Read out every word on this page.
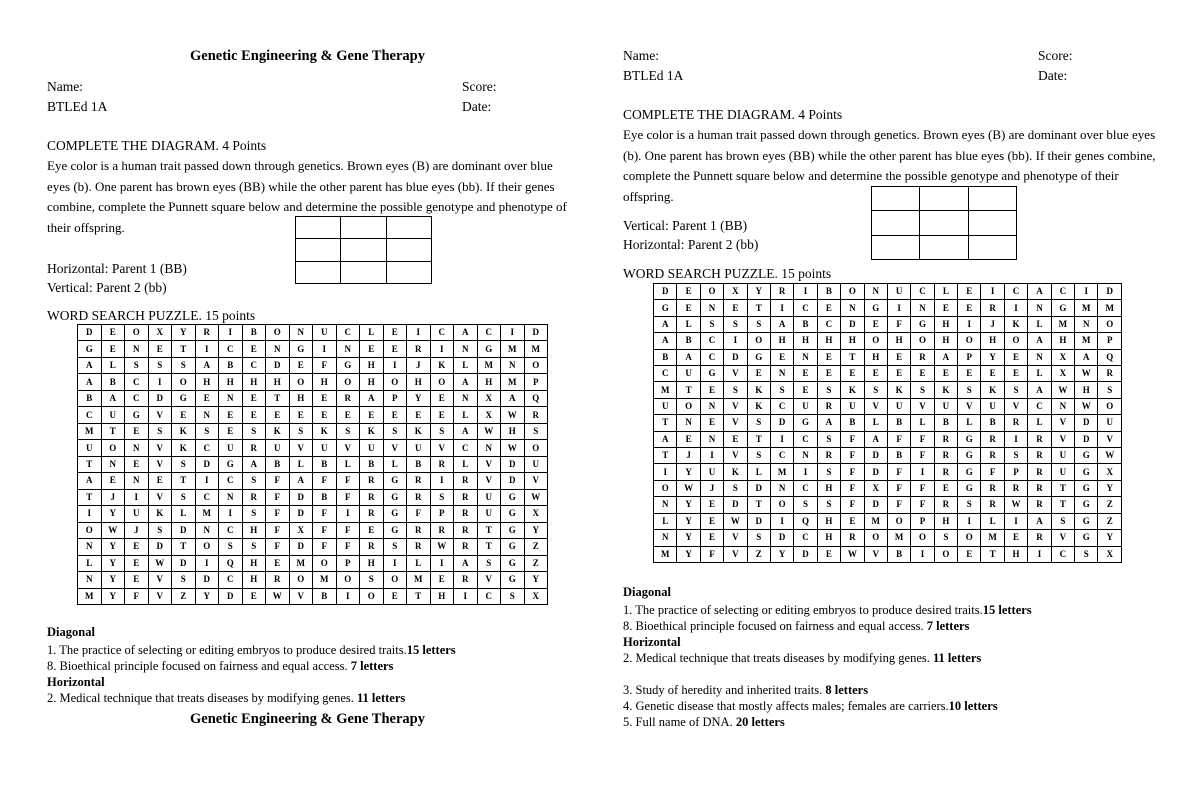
Genetic Engineering & Gene Therapy
Name:	Score:
BTLEd 1A	Date:
COMPLETE THE DIAGRAM. 4 Points
Eye color is a human trait passed down through genetics. Brown eyes (B) are dominant over blue eyes (b). One parent has brown eyes (BB) while the other parent has blue eyes (bb). If their genes combine, complete the Punnett square below and determine the possible genotype and phenotype of their offspring.

Horizontal: Parent 1 (BB)
Vertical: Parent 2 (bb)
WORD SEARCH PUZZLE. 15 points
D	E	O	X	Y	R	I	B	O	N	U	C	L	E	I	C	A	C	I	D
G	E	N	E	T	I	C	E	N	G	I	N	E	E	R	I	N	G	M	M
A	L	S	S	S	A	B	C	D	E	F	G	H	I	J	K	L	M	N	O
A	B	C	I	O	H	H	H	H	O	H	O	H	O	H	O	A	H	M	P
B	A	C	D	G	E	N	E	T	H	E	R	A	P	Y	E	N	X	A	Q
C	U	G	V	E	N	E	E	E	E	E	E	E	E	E	E	L	X	W	R
M	T	E	S	K	S	E	S	K	S	K	S	K	S	K	S	A	W	H	S
U	O	N	V	K	C	U	R	U	V	U	V	U	V	U	V	C	N	W	O
T	N	E	V	S	D	G	A	B	L	B	L	B	L	B	R	L	V	D	U
A	E	N	E	T	I	C	S	F	A	F	F	R	G	R	I	R	V	D	V
T	J	I	V	S	C	N	R	F	D	B	F	R	G	R	S	R	U	G	W
I	Y	U	K	L	M	I	S	F	D	F	I	R	G	F	P	R	U	G	X
O	W	J	S	D	N	C	H	F	X	F	F	E	G	R	R	R	T	G	Y
N	Y	E	D	T	O	S	S	F	D	F	F	R	S	R	W	R	T	G	Z
L	Y	E	W	D	I	Q	H	E	M	O	P	H	I	L	I	A	S	G	Z
N	Y	E	V	S	D	C	H	R	O	M	O	S	O	M	E	R	V	G	Y
M	Y	F	V	Z	Y	D	E	W	V	B	I	O	E	T	H	I	C	S	X
Diagonal
1. The practice of selecting or editing embryos to produce desired traits.15 letters
8. Bioethical principle focused on fairness and equal access. 7 letters
Horizontal
2. Medical technique that treats diseases by modifying genes. 11 letters
Genetic Engineering & Gene Therapy
Name:	Score:
BTLEd 1A	Date:
COMPLETE THE DIAGRAM. 4 Points
Eye color is a human trait passed down through genetics. Brown eyes (B) are dominant over blue eyes (b). One parent has brown eyes (BB) while the other parent has blue eyes (bb). If their genes combine, complete the Punnett square below and determine the possible genotype and phenotype of their offspring.

Vertical: Parent 1 (BB)
Horizontal: Parent 2 (bb)
WORD SEARCH PUZZLE. 15 points
D	E	O	X	Y	R	I	B	O	N	U	C	L	E	I	C	A	C	I	D
G	E	N	E	T	I	C	E	N	G	I	N	E	E	R	I	N	G	M	M
A	L	S	S	S	A	B	C	D	E	F	G	H	I	J	K	L	M	N	O
A	B	C	I	O	H	H	H	H	O	H	O	H	O	H	O	A	H	M	P
B	A	C	D	G	E	N	E	T	H	E	R	A	P	Y	E	N	X	A	Q
C	U	G	V	E	N	E	E	E	E	E	E	E	E	E	E	L	X	W	R
M	T	E	S	K	S	E	S	K	S	K	S	K	S	K	S	A	W	H	S
U	O	N	V	K	C	U	R	U	V	U	V	U	V	U	V	C	N	W	O
T	N	E	V	S	D	G	A	B	L	B	L	B	L	B	R	L	V	D	U
A	E	N	E	T	I	C	S	F	A	F	F	R	G	R	I	R	V	D	V
T	J	I	V	S	C	N	R	F	D	B	F	R	G	R	S	R	U	G	W
I	Y	U	K	L	M	I	S	F	D	F	I	R	G	F	P	R	U	G	X
O	W	J	S	D	N	C	H	F	X	F	F	E	G	R	R	R	T	G	Y
N	Y	E	D	T	O	S	S	F	D	F	F	R	S	R	W	R	T	G	Z
L	Y	E	W	D	I	Q	H	E	M	O	P	H	I	L	I	A	S	G	Z
N	Y	E	V	S	D	C	H	R	O	M	O	S	O	M	E	R	V	G	Y
M	Y	F	V	Z	Y	D	E	W	V	B	I	O	E	T	H	I	C	S	X
Diagonal
1. The practice of selecting or editing embryos to produce desired traits.15 letters
8. Bioethical principle focused on fairness and equal access. 7 letters
Horizontal
2. Medical technique that treats diseases by modifying genes. 11 letters
3. Study of heredity and inherited traits. 8 letters
4. Genetic disease that mostly affects males; females are carriers.10 letters
5. Full name of DNA. 20 letters
